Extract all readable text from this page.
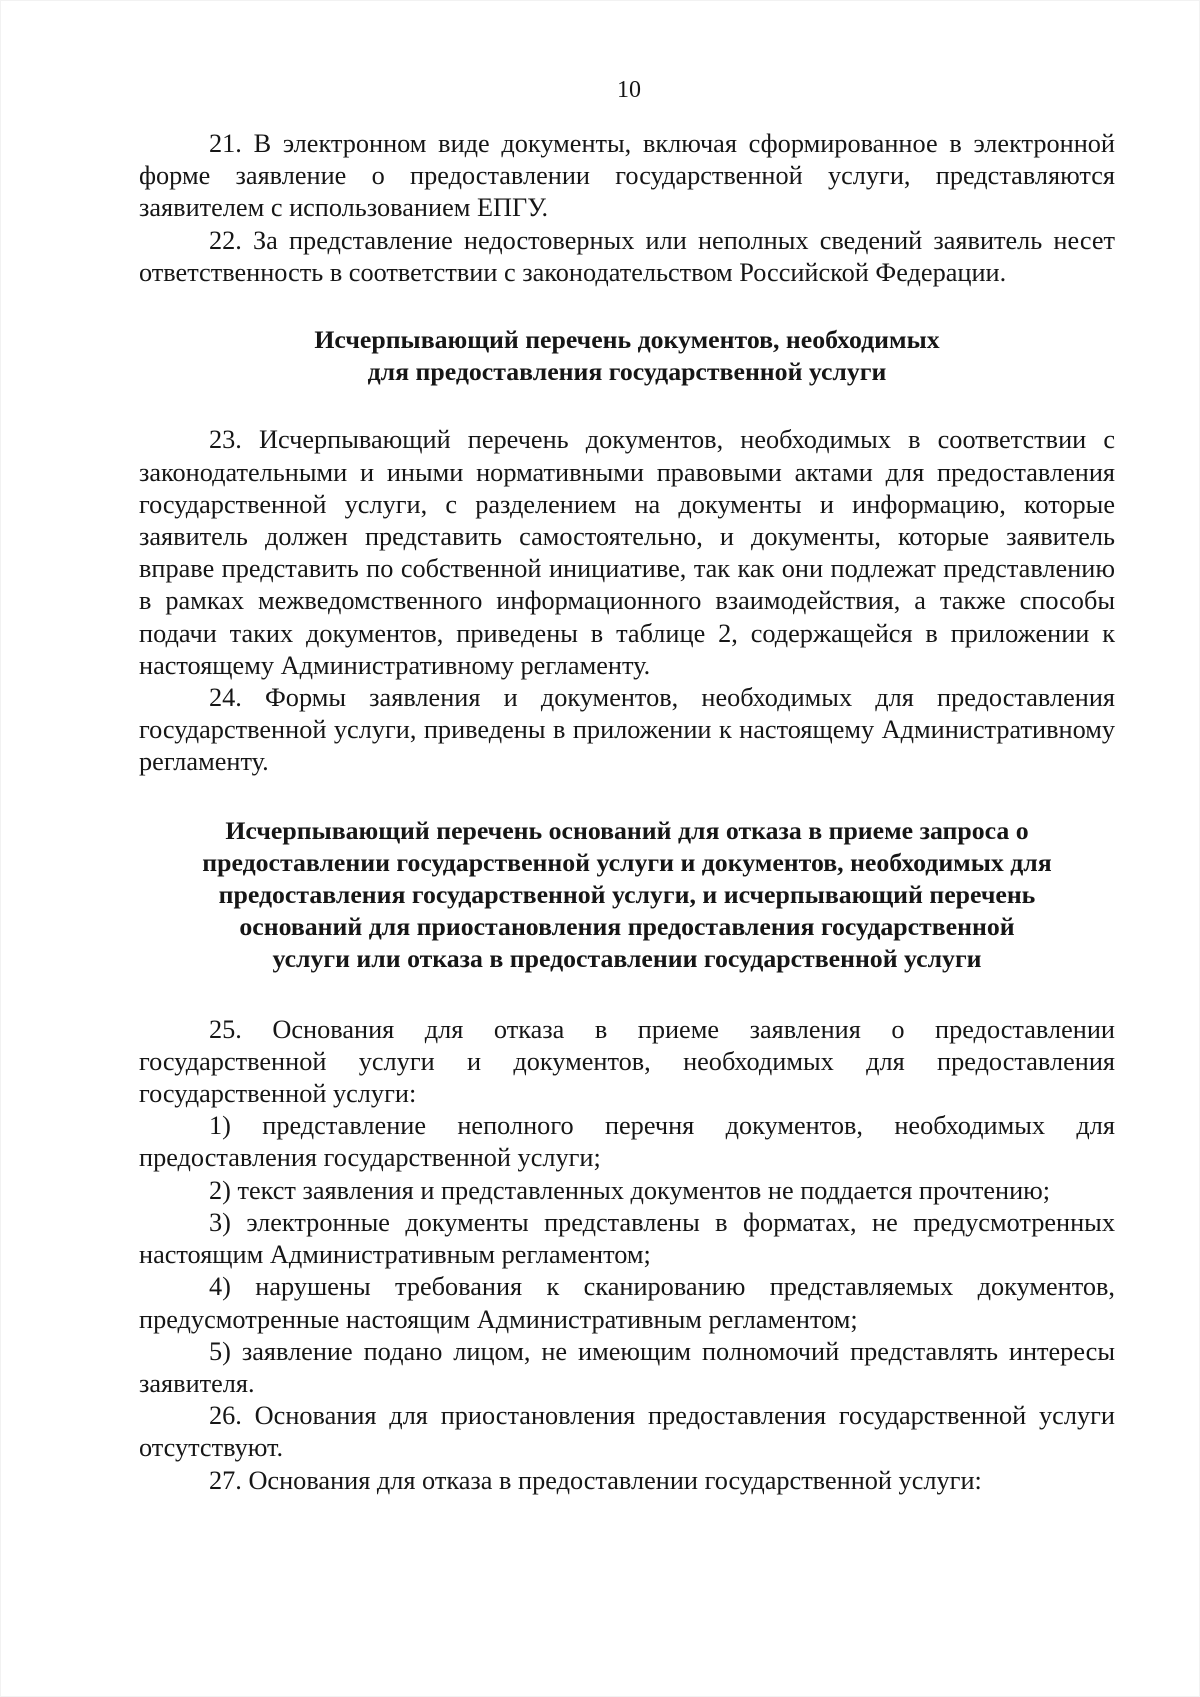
10

21. В электронном виде документы, включая сформированное в электронной форме заявление о предоставлении государственной услуги, представляются заявителем с использованием ЕПГУ.

22. За представление недостоверных или неполных сведений заявитель несет ответственность в соответствии с законодательством Российской Федерации.

Исчерпывающий перечень документов, необходимых

для предоставления государственной услуги

23. Исчерпывающий перечень документов, необходимых в соответствии с законодательными и иными нормативными правовыми актами для предоставления государственной услуги, с разделением на документы и информацию, которые заявитель должен представить самостоятельно, и документы, которые заявитель вправе представить по собственной инициативе, так как они подлежат представлению в рамках межведомственного информационного взаимодействия, а также способы подачи таких документов, приведены в таблице 2, содержащейся в приложении к настоящему Административному регламенту.

24. Формы заявления и документов, необходимых для предоставления государственной услуги, приведены в приложении к настоящему Административному регламенту.

Исчерпывающий перечень оснований для отказа в приеме запроса о

предоставлении государственной услуги и документов, необходимых для

предоставления государственной услуги, и исчерпывающий перечень

оснований для приостановления предоставления государственной

услуги или отказа в предоставлении государственной услуги

25. Основания для отказа в приеме заявления о предоставлении государственной услуги и документов, необходимых для предоставления государственной услуги:

1) представление неполного перечня документов, необходимых для предоставления государственной услуги;

2) текст заявления и представленных документов не поддается прочтению;

3) электронные документы представлены в форматах, не предусмотренных настоящим Административным регламентом;

4) нарушены требования к сканированию представляемых документов, предусмотренные настоящим Административным регламентом;

5) заявление подано лицом, не имеющим полномочий представлять интересы заявителя.

26. Основания для приостановления предоставления государственной услуги отсутствуют.

27. Основания для отказа в предоставлении государственной услуги:
